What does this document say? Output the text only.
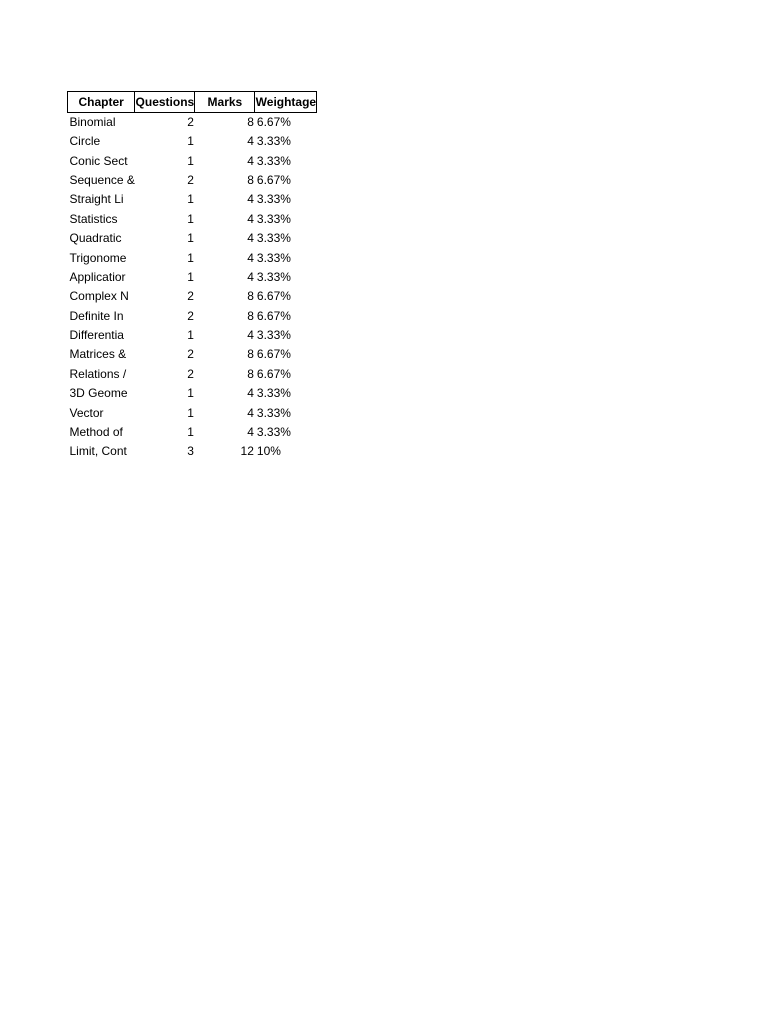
Chapter	Questions	Marks	Weightage
Binomial	2	8	6.67%
Circle	1	4	3.33%
Conic Sect	1	4	3.33%
Sequence &	2	8	6.67%
Straight Li	1	4	3.33%
Statistics	1	4	3.33%
Quadratic	1	4	3.33%
Trigonome	1	4	3.33%
Applicatior	1	4	3.33%
Complex N	2	8	6.67%
Definite In	2	8	6.67%
Differentia	1	4	3.33%
Matrices &	2	8	6.67%
Relations /	2	8	6.67%
3D Geome	1	4	3.33%
Vector	1	4	3.33%
Method of	1	4	3.33%
Limit, Cont	3	12	10%
